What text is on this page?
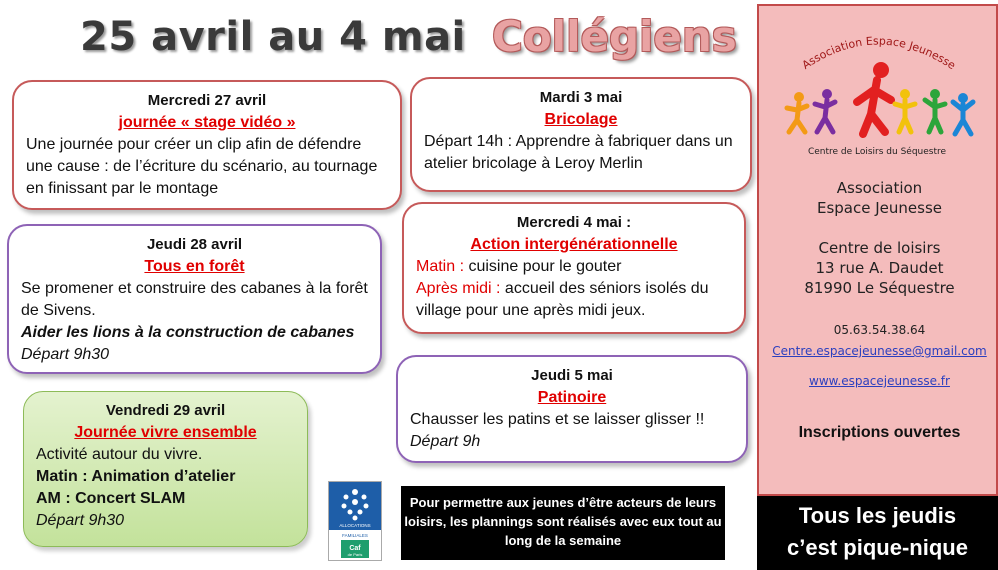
25 avril au 4 mai Collégiens
Mercredi 27 avril
journée « stage vidéo »

Une journée pour créer un clip afin de défendre une cause : de l’écriture du scénario, au tournage en finissant par le montage

Jeudi 28 avril
Tous en forêt

Se promener et construire des cabanes à la forêt de Sivens.

Aider les lions à la construction de cabanes

Départ 9h30

Vendredi 29 avril
Journée vivre ensemble

Activité autour du vivre.

Matin : Animation d’atelier

AM : Concert SLAM

Départ 9h30

Mardi 3 mai
Bricolage

Départ 14h : Apprendre à fabriquer dans un atelier bricolage à Leroy Merlin

Mercredi 4 mai :
Action intergénérationnelle

Matin : cuisine pour le gouter

Après midi : accueil des séniors isolés du village pour une après midi jeux.

Jeudi 5 mai
Patinoire

Chausser les patins et se laisser glisser !!

Départ 9h

ALLOCATIONS
FAMILIALES
Caf
de Paris
Pour permettre aux jeunes d’être acteurs de leurs loisirs, les plannings sont réalisés avec eux tout au long de la semaine
Association Espace Jeunesse
Centre de Loisirs du Séquestre
Association
Espace Jeunesse
Centre de loisirs
13 rue A. Daudet
81990 Le Séquestre
05.63.54.38.64
Centre.espacejeunesse@gmail.com
www.espacejeunesse.fr
Inscriptions ouvertes
Tous les jeudis
c’est pique-nique
